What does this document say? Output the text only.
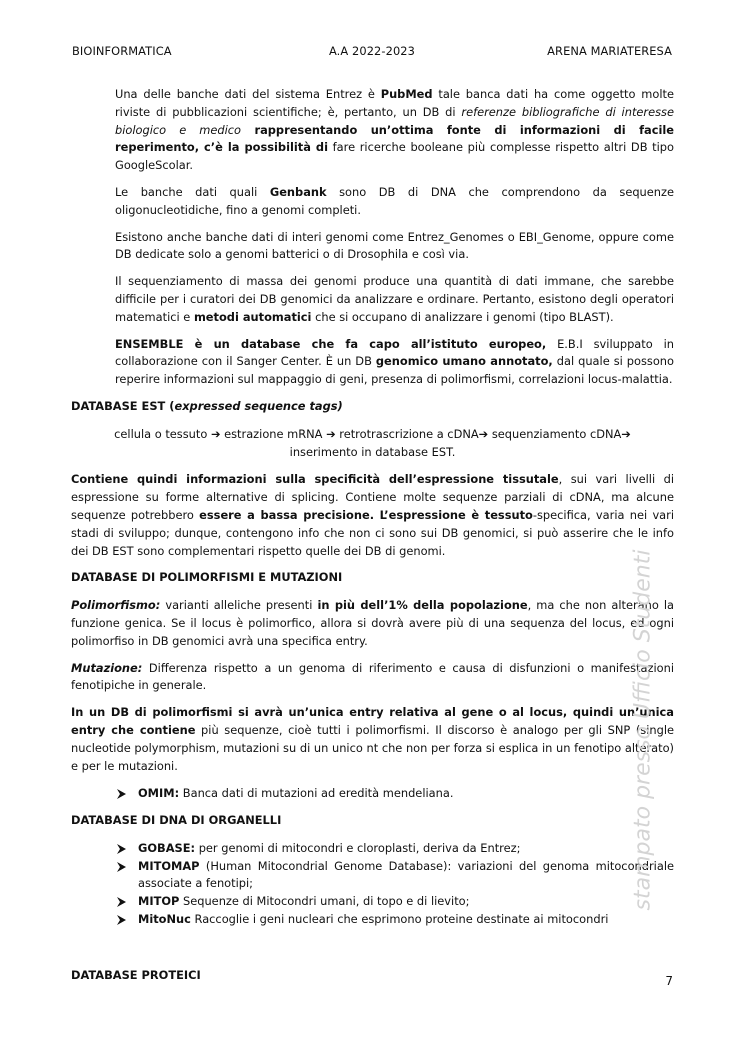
BIOINFORMATICA	A.A 2022-2023	ARENA MARIATERESA

Una delle banche dati del sistema Entrez è PubMed tale banca dati ha come oggetto molte riviste di pubblicazioni scientifiche; è, pertanto, un DB di referenze bibliografiche di interesse biologico e medico rappresentando un’ottima fonte di informazioni di facile reperimento, c’è la possibilità di fare ricerche booleane più complesse rispetto altri DB tipo GoogleScolar.

Le banche dati quali Genbank sono DB di DNA che comprendono da sequenze oligonucleotidiche, fino a genomi completi.

Esistono anche banche dati di interi genomi come Entrez_Genomes o EBI_Genome, oppure come DB dedicate solo a genomi batterici o di Drosophila e così via.

Il sequenziamento di massa dei genomi produce una quantità di dati immane, che sarebbe difficile per i curatori dei DB genomici da analizzare e ordinare. Pertanto, esistono degli operatori matematici e metodi automatici che si occupano di analizzare i genomi (tipo BLAST).

ENSEMBLE è un database che fa capo all’istituto europeo, E.B.I sviluppato in collaborazione con il Sanger Center. È un DB genomico umano annotato, dal quale si possono reperire informazioni sul mappaggio di geni, presenza di polimorfismi, correlazioni locus-malattia.

DATABASE EST (expressed sequence tags)

cellula o tessuto ➔ estrazione mRNA ➔ retrotrascrizione a cDNA➔ sequenziamento cDNA➔
inserimento in database EST.

Contiene quindi informazioni sulla specificità dell’espressione tissutale, sui vari livelli di espressione su forme alternative di splicing. Contiene molte sequenze parziali di cDNA, ma alcune sequenze potrebbero essere a bassa precisione. L’espressione è tessuto-specifica, varia nei vari stadi di sviluppo; dunque, contengono info che non ci sono sui DB genomici, si può asserire che le info dei DB EST sono complementari rispetto quelle dei DB di genomi.

DATABASE DI POLIMORFISMI E MUTAZIONI

Polimorfismo: varianti alleliche presenti in più dell’1% della popolazione, ma che non alterano la funzione genica. Se il locus è polimorfico, allora si dovrà avere più di una sequenza del locus, ed ogni polimorfiso in DB genomici avrà una specifica entry.

Mutazione: Differenza rispetto a un genoma di riferimento e causa di disfunzioni o manifestazioni fenotipiche in generale.

In un DB di polimorfismi si avrà un’unica entry relativa al gene o al locus, quindi un’unica entry che contiene più sequenze, cioè tutti i polimorfismi. Il discorso è analogo per gli SNP (single nucleotide polymorphism, mutazioni su di un unico nt che non per forza si esplica in un fenotipo alterato) e per le mutazioni.

OMIM: Banca dati di mutazioni ad eredità mendeliana.

DATABASE DI DNA DI ORGANELLI

GOBASE: per genomi di mitocondri e cloroplasti, deriva da Entrez;
MITOMAP (Human Mitocondrial Genome Database): variazioni del genoma mitocondriale associate a fenotipi;
MITOP Sequenze di Mitocondri umani, di topo e di lievito;
MitoNuc Raccoglie i geni nucleari che esprimono proteine destinate ai mitocondri

DATABASE PROTEICI

stampato presso Ufficio Studenti
7
